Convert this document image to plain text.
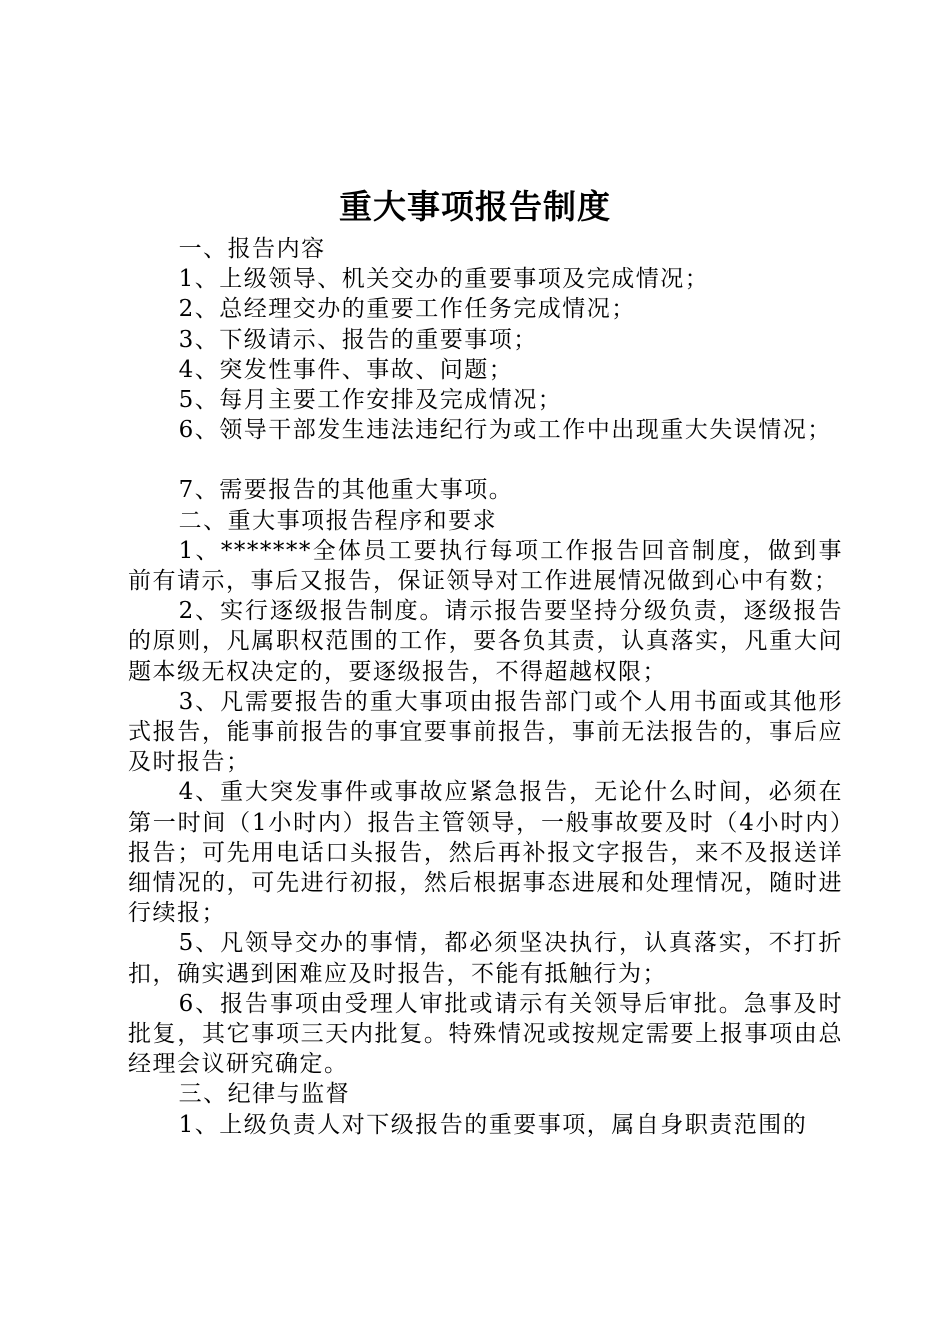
重大事项报告制度

一、报告内容

1、上级领导、机关交办的重要事项及完成情况；

2、总经理交办的重要工作任务完成情况；

3、下级请示、报告的重要事项；

4、突发性事件、事故、问题；

5、每月主要工作安排及完成情况；

6、领导干部发生违法违纪行为或工作中出现重大失误情况；

7、需要报告的其他重大事项。

二、重大事项报告程序和要求

1、*******全体员工要执行每项工作报告回音制度，做到事前有请示，事后又报告，保证领导对工作进展情况做到心中有数；

2、实行逐级报告制度。请示报告要坚持分级负责，逐级报告的原则，凡属职权范围的工作，要各负其责，认真落实，凡重大问题本级无权决定的，要逐级报告，不得超越权限；

3、凡需要报告的重大事项由报告部门或个人用书面或其他形式报告，能事前报告的事宜要事前报告，事前无法报告的，事后应及时报告；

4、重大突发事件或事故应紧急报告，无论什么时间，必须在第一时间（1小时内）报告主管领导，一般事故要及时（4小时内）报告；可先用电话口头报告，然后再补报文字报告，来不及报送详细情况的，可先进行初报，然后根据事态进展和处理情况，随时进行续报；

5、凡领导交办的事情，都必须坚决执行，认真落实，不打折扣，确实遇到困难应及时报告，不能有抵触行为；

6、报告事项由受理人审批或请示有关领导后审批。急事及时批复，其它事项三天内批复。特殊情况或按规定需要上报事项由总经理会议研究确定。

三、纪律与监督

1、上级负责人对下级报告的重要事项，属自身职责范围的
